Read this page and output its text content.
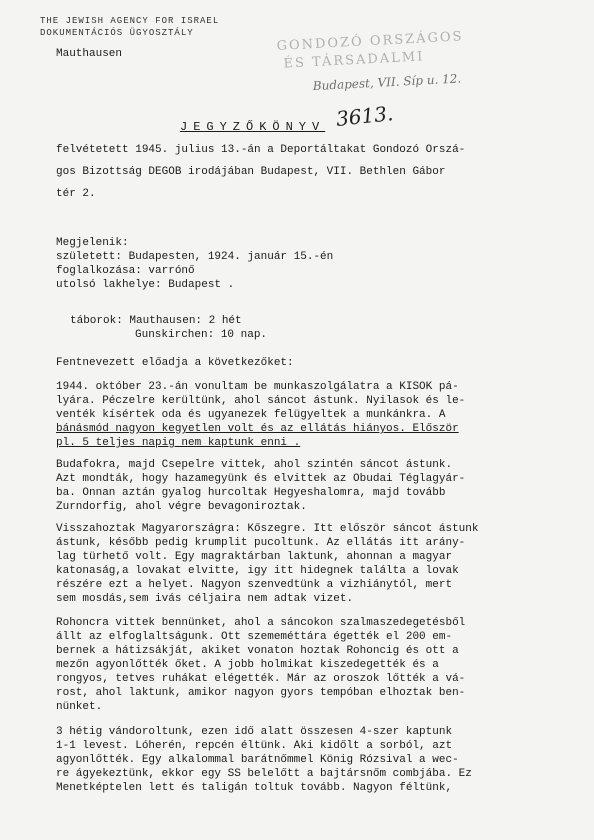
THE JEWISH AGENCY FOR ISRAEL
DOKUMENTÁCIÓS ÜGYOSZTÁLY
Mauthausen
GONDOZÓ ORSZÁGOS
ÉS TÁRSADALMI
Budapest, VII. Síp u. 12.
JEGYZŐKÖNYV 3613.
felvétetett 1945. julius 13.-án a Deportáltakat Gondozó Orszá-
gos Bizottság DEGOB irodájában Budapest, VII. Bethlen Gábor
tér 2.
Megjelenik:
született: Budapesten, 1924. január 15.-én
foglalkozása: varrónő
utolsó lakhelye: Budapest .
táborok: Mauthausen: 2 hét
Gunskirchen: 10 nap.
Fentnevezett előadja a következőket:
1944. október 23.-án vonultam be munkaszolgálatra a KISOK pá-
lyára. Péczelre kerültünk, ahol sáncot ástunk. Nyilasok és le-
venték kísértek oda és ugyanezek felügyeltek a munkánkra. A
bánásmód nagyon kegyetlen volt és az ellátás hiányos. Először
pl. 5 teljes napig nem kaptunk enni .
Budafokra, majd Csepelre vittek, ahol szintén sáncot ástunk.
Azt mondták, hogy hazamegyünk és elvittek az Obudai Téglagyár-
ba. Onnan aztán gyalog hurcoltak Hegyeshalomra, majd tovább
Zurndorfig, ahol végre bevagoniroztak.
Visszahoztak Magyarországra: Kőszegre. Itt először sáncot ástunk
ástunk, később pedig krumplit pucoltunk. Az ellátás itt arány-
lag türhető volt. Egy magraktárban laktunk, ahonnan a magyar
katonaság,a lovakat elvitte, igy itt hidegnek találta a lovak
részére ezt a helyet. Nagyon szenvedtünk a vizhiánytól, mert
sem mosdás,sem ivás céljaira nem adtak vizet.
Rohoncra vittek bennünket, ahol a sáncokon szalmaszedegetésből
állt az elfoglaltságunk. Ott szememéttára égették el 200 em-
bernek a hátizsákját, akiket vonaton hoztak Rohoncig és ott a
mezőn agyonlőtték őket. A jobb holmikat kiszedegették és a
rongyos, tetves ruhákat elégették. Már az oroszok lőtték a vá-
rost, ahol laktunk, amikor nagyon gyors tempóban elhoztak ben-
nünket.
3 hétig vándoroltunk, ezen idő alatt összesen 4-szer kaptunk
1-1 levest. Lóherén, repcén éltünk. Aki kidőlt a sorból, azt
agyonlőtték. Egy alkalommal barátnőmmel König Rózsival a wec-
re ágyekeztünk, ekkor egy SS belelőtt a bajtársnőm combjába. Ez
Menetképtelen lett és taligán toltuk tovább. Nagyon féltünk,
